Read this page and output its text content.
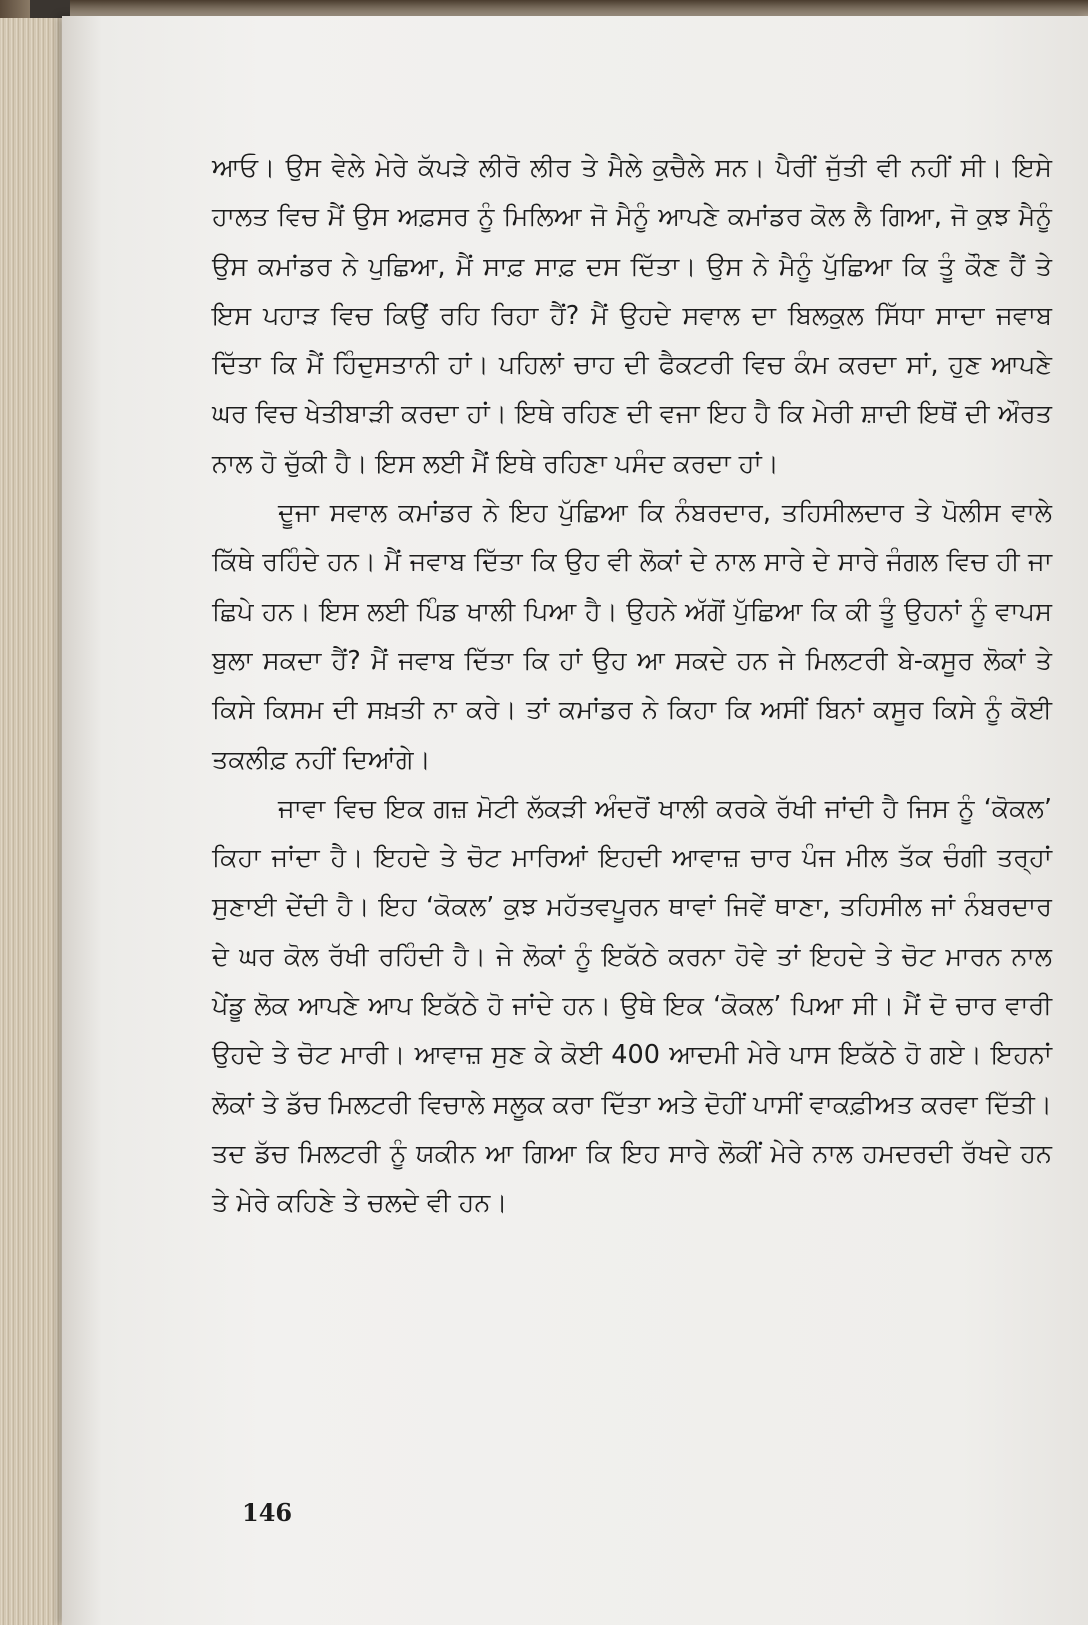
ਆਓ। ਉਸ ਵੇਲੇ ਮੇਰੇ ਕੱਪੜੇ ਲੀਰੋ ਲੀਰ ਤੇ ਮੈਲੇ ਕੁਚੈਲੇ ਸਨ। ਪੈਰੀਂ ਜੁੱਤੀ ਵੀ ਨਹੀਂ ਸੀ। ਇਸੇ ਹਾਲਤ ਵਿਚ ਮੈਂ ਉਸ ਅਫ਼ਸਰ ਨੂੰ ਮਿਲਿਆ ਜੋ ਮੈਨੂੰ ਆਪਣੇ ਕਮਾਂਡਰ ਕੋਲ ਲੈ ਗਿਆ, ਜੋ ਕੁਝ ਮੈਨੂੰ ਉਸ ਕਮਾਂਡਰ ਨੇ ਪੁਛਿਆ, ਮੈਂ ਸਾਫ਼ ਸਾਫ਼ ਦਸ ਦਿੱਤਾ। ਉਸ ਨੇ ਮੈਨੂੰ ਪੁੱਛਿਆ ਕਿ ਤੂੰ ਕੌਣ ਹੈਂ ਤੇ ਇਸ ਪਹਾੜ ਵਿਚ ਕਿਉਂ ਰਹਿ ਰਿਹਾ ਹੈਂ? ਮੈਂ ਉਹਦੇ ਸਵਾਲ ਦਾ ਬਿਲਕੁਲ ਸਿੱਧਾ ਸਾਦਾ ਜਵਾਬ ਦਿੱਤਾ ਕਿ ਮੈਂ ਹਿੰਦੁਸਤਾਨੀ ਹਾਂ। ਪਹਿਲਾਂ ਚਾਹ ਦੀ ਫੈਕਟਰੀ ਵਿਚ ਕੰਮ ਕਰਦਾ ਸਾਂ, ਹੁਣ ਆਪਣੇ ਘਰ ਵਿਚ ਖੇਤੀਬਾੜੀ ਕਰਦਾ ਹਾਂ। ਇਥੇ ਰਹਿਣ ਦੀ ਵਜਾ ਇਹ ਹੈ ਕਿ ਮੇਰੀ ਸ਼ਾਦੀ ਇਥੋਂ ਦੀ ਔਰਤ ਨਾਲ ਹੋ ਚੁੱਕੀ ਹੈ। ਇਸ ਲਈ ਮੈਂ ਇਥੇ ਰਹਿਣਾ ਪਸੰਦ ਕਰਦਾ ਹਾਂ।

ਦੂਜਾ ਸਵਾਲ ਕਮਾਂਡਰ ਨੇ ਇਹ ਪੁੱਛਿਆ ਕਿ ਨੰਬਰਦਾਰ, ਤਹਿਸੀਲਦਾਰ ਤੇ ਪੋਲੀਸ ਵਾਲੇ ਕਿੱਥੇ ਰਹਿੰਦੇ ਹਨ। ਮੈਂ ਜਵਾਬ ਦਿੱਤਾ ਕਿ ਉਹ ਵੀ ਲੋਕਾਂ ਦੇ ਨਾਲ ਸਾਰੇ ਦੇ ਸਾਰੇ ਜੰਗਲ ਵਿਚ ਹੀ ਜਾ ਛਿਪੇ ਹਨ। ਇਸ ਲਈ ਪਿੰਡ ਖਾਲੀ ਪਿਆ ਹੈ। ਉਹਨੇ ਅੱਗੋਂ ਪੁੱਛਿਆ ਕਿ ਕੀ ਤੂੰ ਉਹਨਾਂ ਨੂੰ ਵਾਪਸ ਬੁਲਾ ਸਕਦਾ ਹੈਂ? ਮੈਂ ਜਵਾਬ ਦਿੱਤਾ ਕਿ ਹਾਂ ਉਹ ਆ ਸਕਦੇ ਹਨ ਜੇ ਮਿਲਟਰੀ ਬੇ-ਕਸੂਰ ਲੋਕਾਂ ਤੇ ਕਿਸੇ ਕਿਸਮ ਦੀ ਸਖ਼ਤੀ ਨਾ ਕਰੇ। ਤਾਂ ਕਮਾਂਡਰ ਨੇ ਕਿਹਾ ਕਿ ਅਸੀਂ ਬਿਨਾਂ ਕਸੂਰ ਕਿਸੇ ਨੂੰ ਕੋਈ ਤਕਲੀਫ਼ ਨਹੀਂ ਦਿਆਂਗੇ।

ਜਾਵਾ ਵਿਚ ਇਕ ਗਜ਼ ਮੋਟੀ ਲੱਕੜੀ ਅੰਦਰੋਂ ਖਾਲੀ ਕਰਕੇ ਰੱਖੀ ਜਾਂਦੀ ਹੈ ਜਿਸ ਨੂੰ ‘ਕੋਕਲ’ ਕਿਹਾ ਜਾਂਦਾ ਹੈ। ਇਹਦੇ ਤੇ ਚੋਟ ਮਾਰਿਆਂ ਇਹਦੀ ਆਵਾਜ਼ ਚਾਰ ਪੰਜ ਮੀਲ ਤੱਕ ਚੰਗੀ ਤਰ੍ਹਾਂ ਸੁਣਾਈ ਦੇਂਦੀ ਹੈ। ਇਹ ‘ਕੋਕਲ’ ਕੁਝ ਮਹੱਤਵਪੂਰਨ ਥਾਵਾਂ ਜਿਵੇਂ ਥਾਣਾ, ਤਹਿਸੀਲ ਜਾਂ ਨੰਬਰਦਾਰ ਦੇ ਘਰ ਕੋਲ ਰੱਖੀ ਰਹਿੰਦੀ ਹੈ। ਜੇ ਲੋਕਾਂ ਨੂੰ ਇਕੱਠੇ ਕਰਨਾ ਹੋਵੇ ਤਾਂ ਇਹਦੇ ਤੇ ਚੋਟ ਮਾਰਨ ਨਾਲ ਪੇਂਡੂ ਲੋਕ ਆਪਣੇ ਆਪ ਇਕੱਠੇ ਹੋ ਜਾਂਦੇ ਹਨ। ਉਥੇ ਇਕ ‘ਕੋਕਲ’ ਪਿਆ ਸੀ। ਮੈਂ ਦੋ ਚਾਰ ਵਾਰੀ ਉਹਦੇ ਤੇ ਚੋਟ ਮਾਰੀ। ਆਵਾਜ਼ ਸੁਣ ਕੇ ਕੋਈ 400 ਆਦਮੀ ਮੇਰੇ ਪਾਸ ਇਕੱਠੇ ਹੋ ਗਏ। ਇਹਨਾਂ ਲੋਕਾਂ ਤੇ ਡੱਚ ਮਿਲਟਰੀ ਵਿਚਾਲੇ ਸਲੂਕ ਕਰਾ ਦਿੱਤਾ ਅਤੇ ਦੋਹੀਂ ਪਾਸੀਂ ਵਾਕਫ਼ੀਅਤ ਕਰਵਾ ਦਿੱਤੀ। ਤਦ ਡੱਚ ਮਿਲਟਰੀ ਨੂੰ ਯਕੀਨ ਆ ਗਿਆ ਕਿ ਇਹ ਸਾਰੇ ਲੋਕੀਂ ਮੇਰੇ ਨਾਲ ਹਮਦਰਦੀ ਰੱਖਦੇ ਹਨ ਤੇ ਮੇਰੇ ਕਹਿਣੇ ਤੇ ਚਲਦੇ ਵੀ ਹਨ।

146
